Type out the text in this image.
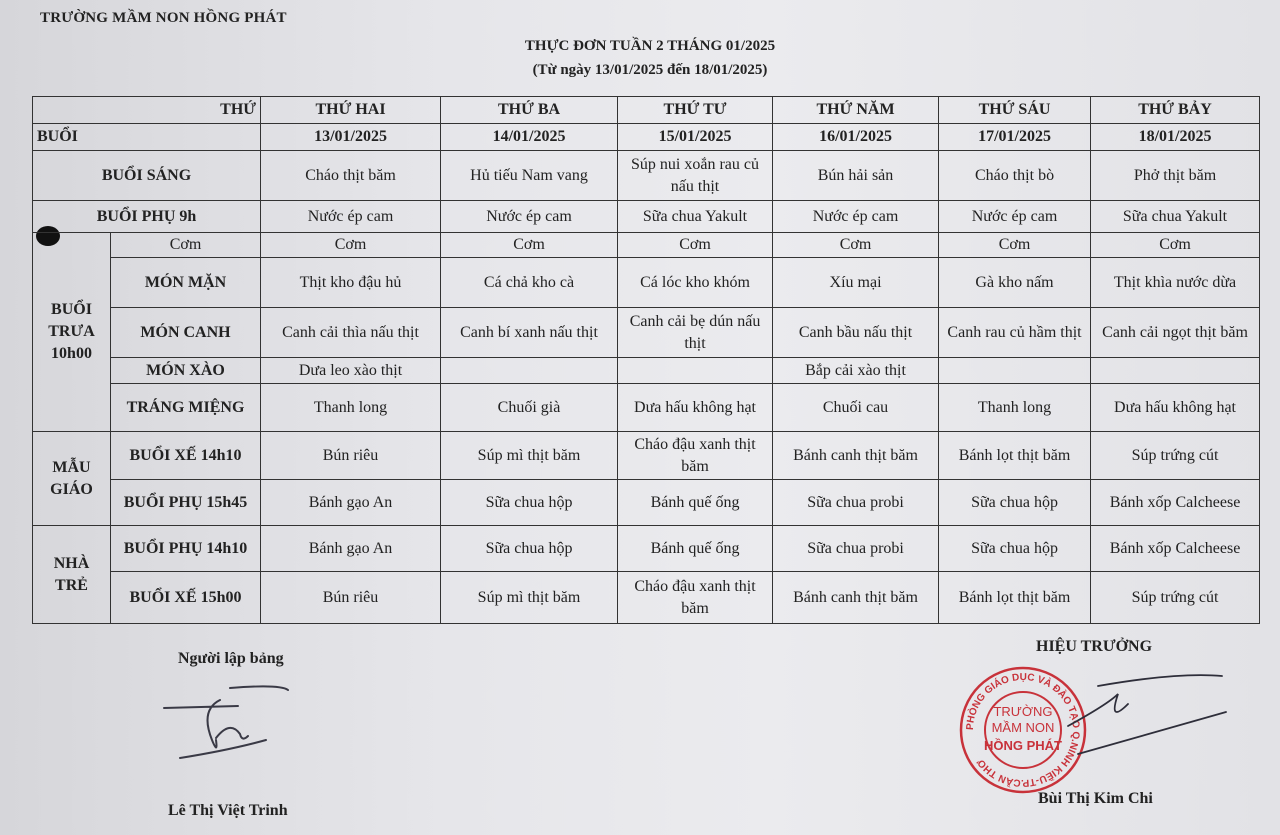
TRƯỜNG MẦM NON HỒNG PHÁT
THỰC ĐƠN TUẦN 2 THÁNG 01/2025
(Từ ngày 13/01/2025 đến 18/01/2025)
THỨ		THỨ HAI	THỨ BA	THỨ TƯ	THỨ NĂM	THỨ SÁU	THỨ BẢY
BUỔI		13/01/2025	14/01/2025	15/01/2025	16/01/2025	17/01/2025	18/01/2025
BUỔI SÁNG		Cháo thịt băm	Hủ tiếu Nam vang	Súp nui xoắn rau củ nấu thịt	Bún hải sản	Cháo thịt bò	Phở thịt băm
BUỔI PHỤ 9h		Nước ép cam	Nước ép cam	Sữa chua Yakult	Nước ép cam	Nước ép cam	Sữa chua Yakult
BUỔI TRƯA 10h00	Cơm	Cơm	Cơm	Cơm	Cơm	Cơm	Cơm
	MÓN MẶN	Thịt kho đậu hủ	Cá chả kho cà	Cá lóc kho khóm	Xíu mại	Gà kho nấm	Thịt khìa nước dừa
	MÓN CANH	Canh cải thìa nấu thịt	Canh bí xanh nấu thịt	Canh cải bẹ dún nấu thịt	Canh bầu nấu thịt	Canh rau củ hầm thịt	Canh cải ngọt thịt băm
	MÓN XÀO	Dưa leo xào thịt			Bắp cải xào thịt		
	TRÁNG MIỆNG	Thanh long	Chuối già	Dưa hấu không hạt	Chuối cau	Thanh long	Dưa hấu không hạt
MẪU GIÁO	BUỔI XẾ 14h10	Bún riêu	Súp mì thịt băm	Cháo đậu xanh thịt băm	Bánh canh thịt băm	Bánh lọt thịt băm	Súp trứng cút
	BUỔI PHỤ 15h45	Bánh gạo An	Sữa chua hộp	Bánh quế ống	Sữa chua probi	Sữa chua hộp	Bánh xốp Calcheese
NHÀ TRẺ	BUỔI PHỤ 14h10	Bánh gạo An	Sữa chua hộp	Bánh quế ống	Sữa chua probi	Sữa chua hộp	Bánh xốp Calcheese
	BUỔI XẾ 15h00	Bún riêu	Súp mì thịt băm	Cháo đậu xanh thịt băm	Bánh canh thịt băm	Bánh lọt thịt băm	Súp trứng cút
Người lập bảng
Lê Thị Việt Trinh
HIỆU TRƯỞNG
PHÒNG GIÁO DỤC VÀ ĐÀO TẠO Q.NINH KIỀU-TP.CẦN THƠ
TRƯỜNG
MẦM NON
HỒNG PHÁT
Bùi Thị Kim Chi
